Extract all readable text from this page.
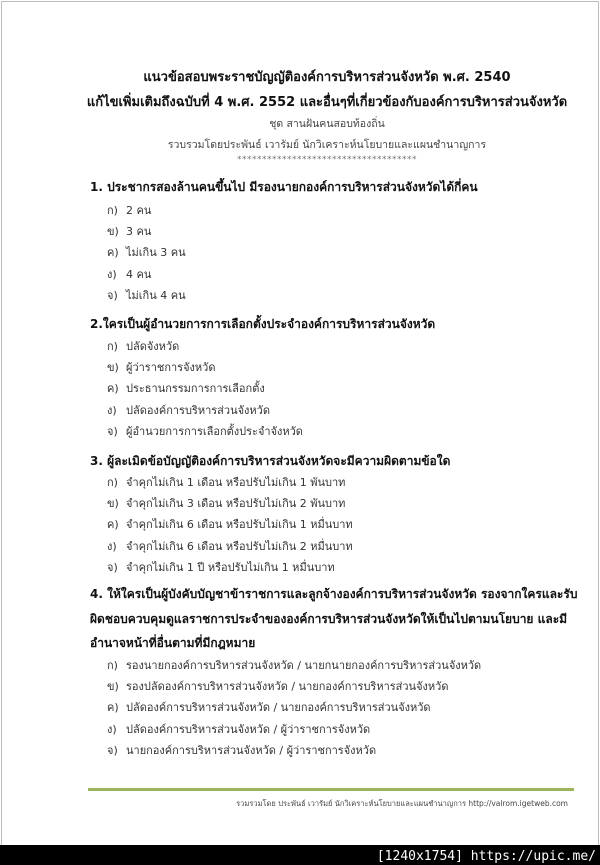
แนวข้อสอบพระราชบัญญัติองค์การบริหารส่วนจังหวัด พ.ศ. 2540
แก้ไขเพิ่มเติมถึงฉบับที่ 4 พ.ศ. 2552 และอื่นๆที่เกี่ยวข้องกับองค์การบริหารส่วนจังหวัด
ชุด สานฝันคนสอบท้องถิ่น
รวบรวมโดยประพันธ์ เวารัมย์ นักวิเคราะห์นโยบายและแผนชำนาญการ
************************************
1. ประชากรสองล้านคนขึ้นไป มีรองนายกองค์การบริหารส่วนจังหวัดได้กี่คน
ก) 2 คน
ข) 3 คน
ค) ไม่เกิน 3 คน
ง) 4 คน
จ) ไม่เกิน 4 คน
2.ใครเป็นผู้อำนวยการการเลือกตั้งประจำองค์การบริหารส่วนจังหวัด
ก) ปลัดจังหวัด
ข) ผู้ว่าราชการจังหวัด
ค) ประธานกรรมการการเลือกตั้ง
ง) ปลัดองค์การบริหารส่วนจังหวัด
จ) ผู้อำนวยการการเลือกตั้งประจำจังหวัด
3. ผู้ละเมิดข้อบัญญัติองค์การบริหารส่วนจังหวัดจะมีความผิดตามข้อใด
ก) จำคุกไม่เกิน 1 เดือน หรือปรับไม่เกิน 1 พันบาท
ข) จำคุกไม่เกิน 3 เดือน หรือปรับไม่เกิน 2 พันบาท
ค) จำคุกไม่เกิน 6 เดือน หรือปรับไม่เกิน 1 หมื่นบาท
ง) จำคุกไม่เกิน 6 เดือน หรือปรับไม่เกิน 2 หมื่นบาท
จ) จำคุกไม่เกิน 1 ปี หรือปรับไม่เกิน 1 หมื่นบาท
4. ให้ใครเป็นผู้บังคับบัญชาข้าราชการและลูกจ้างองค์การบริหารส่วนจังหวัด รองจากใครและรับผิดชอบควบคุมดูแลราชการประจำขององค์การบริหารส่วนจังหวัดให้เป็นไปตามนโยบาย และมีอำนาจหน้าที่อื่นตามที่มีกฎหมาย
ก) รองนายกองค์การบริหารส่วนจังหวัด / นายกนายกองค์การบริหารส่วนจังหวัด
ข) รองปลัดองค์การบริหารส่วนจังหวัด / นายกองค์การบริหารส่วนจังหวัด
ค) ปลัดองค์การบริหารส่วนจังหวัด / นายกองค์การบริหารส่วนจังหวัด
ง) ปลัดองค์การบริหารส่วนจังหวัด / ผู้ว่าราชการจังหวัด
จ) นายกองค์การบริหารส่วนจังหวัด / ผู้ว่าราชการจังหวัด
รวมรวมโดย ประพันธ์ เวารัมย์ นักวิเคราะห์นโยบายและแผนชำนาญการ http://valrom.igetweb.com
[1240x1754] https://upic.me/
